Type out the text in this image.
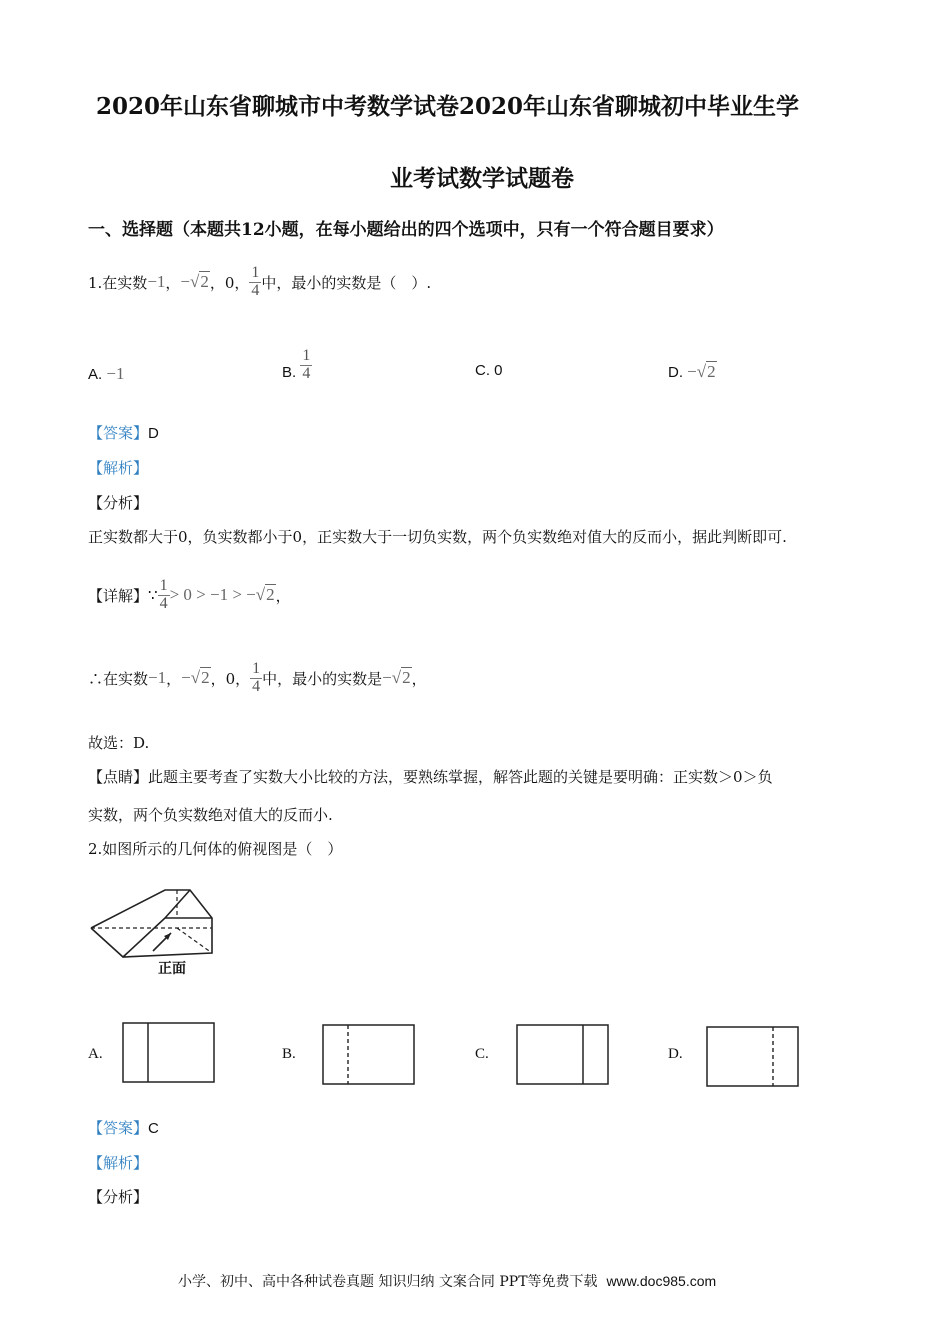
2020年山东省聊城市中考数学试卷2020年山东省聊城初中毕业生学
业考试数学试题卷
一、选择题（本题共12小题，在每小题给出的四个选项中，只有一个符合题目要求）
1.在实数 −1 ， −√2 ，0， $\frac{1}{4}$ 中，最小的实数是（　）.
A.
−1	B.
$\frac{1}{4}$	C. 0	D.
−√2
【答案】D
【解析】
【分析】
正实数都大于0，负实数都小于0，正实数大于一切负实数，两个负实数绝对值大的反而小，据此判断即可.
【详解】 ∵ $\frac{1}{4} > 0 > -1$ > − √2 ，
∴在实数 −1 ， −√2 ，0， $\frac{1}{4}$ 中，最小的实数是 −√2 ，
故选：D.
【点睛】此题主要考查了实数大小比较的方法，要熟练掌握，解答此题的关键是要明确：正实数＞0＞负
实数，两个负实数绝对值大的反而小.
2.如图所示的几何体的俯视图是（　）
正面
A.	B.	C.	D.
【答案】C
【解析】
【分析】
小学、初中、高中各种试卷真题 知识归纳 文案合同 PPT等免费下载 www.doc985.com
